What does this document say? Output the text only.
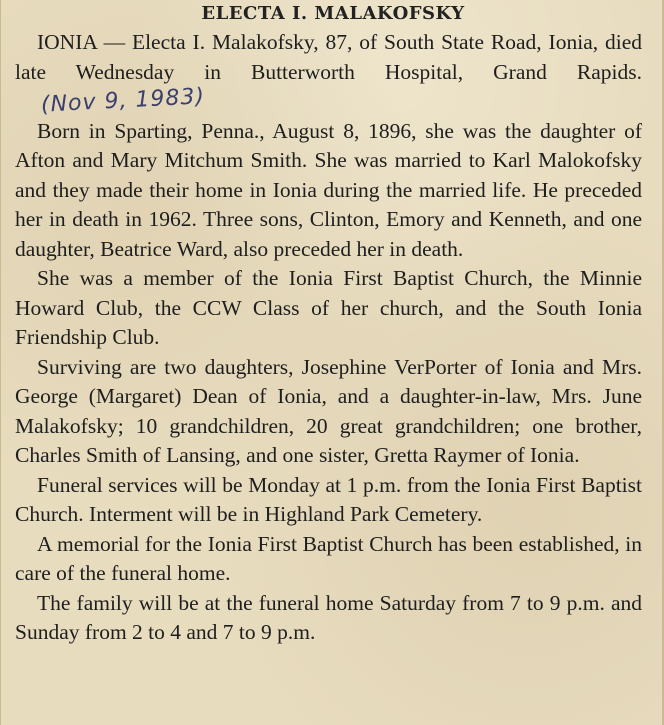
ELECTA I. MALAKOFSKY

IONIA — Electa I. Malakofsky, 87, of South State Road, Ionia, died late Wednesday in Butterworth Hospital, Grand Rapids.(Nov 9, 1983)

Born in Sparting, Penna., August 8, 1896, she was the daughter of Afton and Mary Mitchum Smith. She was married to Karl Malokofsky and they made their home in Ionia during the married life. He preceded her in death in 1962. Three sons, Clinton, Emory and Kenneth, and one daughter, Beatrice Ward, also preceded her in death.

She was a member of the Ionia First Baptist Church, the Minnie Howard Club, the CCW Class of her church, and the South Ionia Friendship Club.

Surviving are two daughters, Josephine VerPorter of Ionia and Mrs. George (Margaret) Dean of Ionia, and a daughter-in-law, Mrs. June Malakofsky; 10 grandchildren, 20 great grandchildren; one brother, Charles Smith of Lansing, and one sister, Gretta Raymer of Ionia.

Funeral services will be Monday at 1 p.m. from the Ionia First Baptist Church. Interment will be in Highland Park Cemetery.

A memorial for the Ionia First Baptist Church has been established, in care of the funeral home.

The family will be at the funeral home Saturday from 7 to 9 p.m. and Sunday from 2 to 4 and 7 to 9 p.m.
